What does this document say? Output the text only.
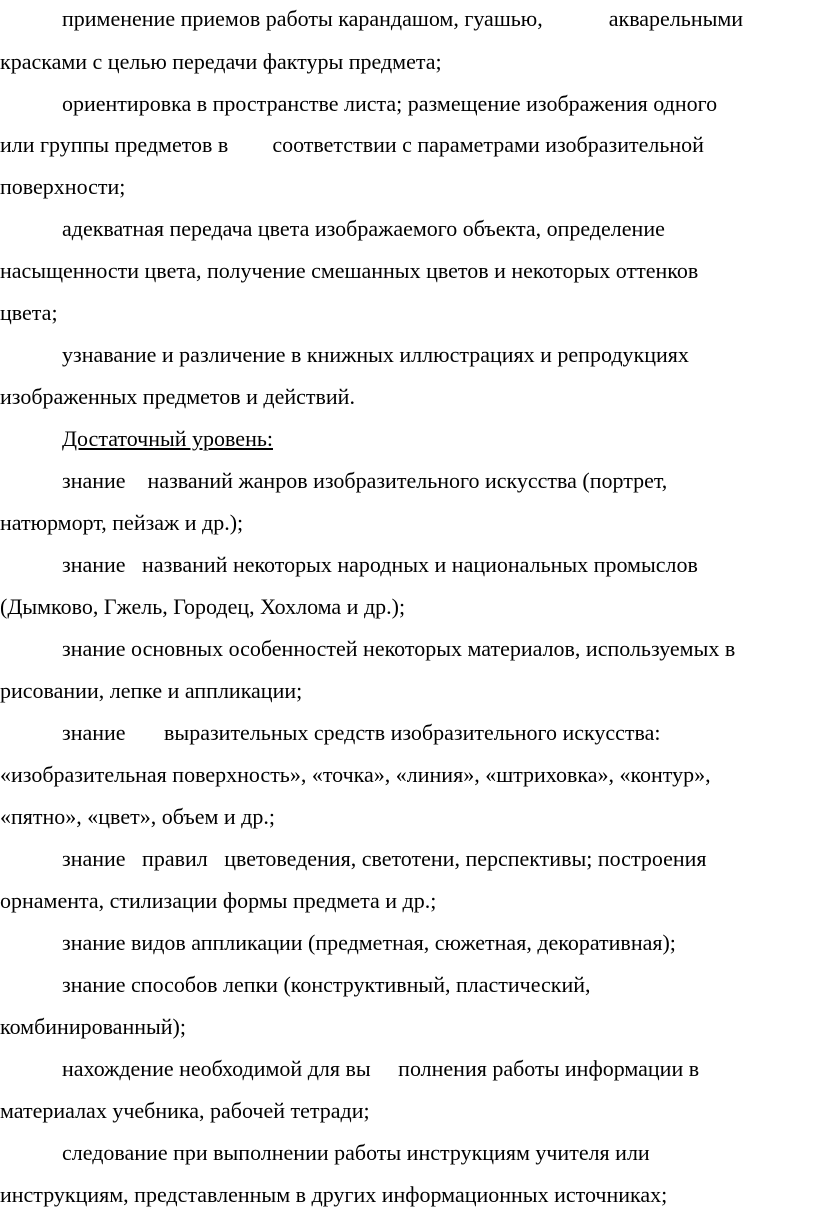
применение приемов работы карандашом, гуашью,            акварельными
красками с целью передачи фактуры предмета;
ориентировка в пространстве листа; размещение изображения одного
или группы предметов в        соответствии с параметрами изобразительной
поверхности;
адекватная передача цвета изображаемого объекта, определение
насыщенности цвета, получение смешанных цветов и некоторых оттенков
цвета;
узнавание и различение в книжных иллюстрациях и репродукциях
изображенных предметов и действий.
Достаточный уровень:
знание    названий жанров изобразительного искусства (портрет,
натюрморт, пейзаж и др.);
знание   названий некоторых народных и национальных промыслов
(Дымково, Гжель, Городец, Хохлома и др.);
знание основных особенностей некоторых материалов, используемых в
рисовании, лепке и аппликации;
знание       выразительных средств изобразительного искусства:
«изобразительная поверхность», «точка», «линия», «штриховка», «контур»,
«пятно», «цвет», объем и др.;
знание   правил   цветоведения, светотени, перспективы; построения
орнамента, стилизации формы предмета и др.;
знание видов аппликации (предметная, сюжетная, декоративная);
знание способов лепки (конструктивный, пластический,
комбинированный);
нахождение необходимой для вы     полнения работы информации в
материалах учебника, рабочей тетради;
следование при выполнении работы инструкциям учителя или
инструкциям, представленным в других информационных источниках;
